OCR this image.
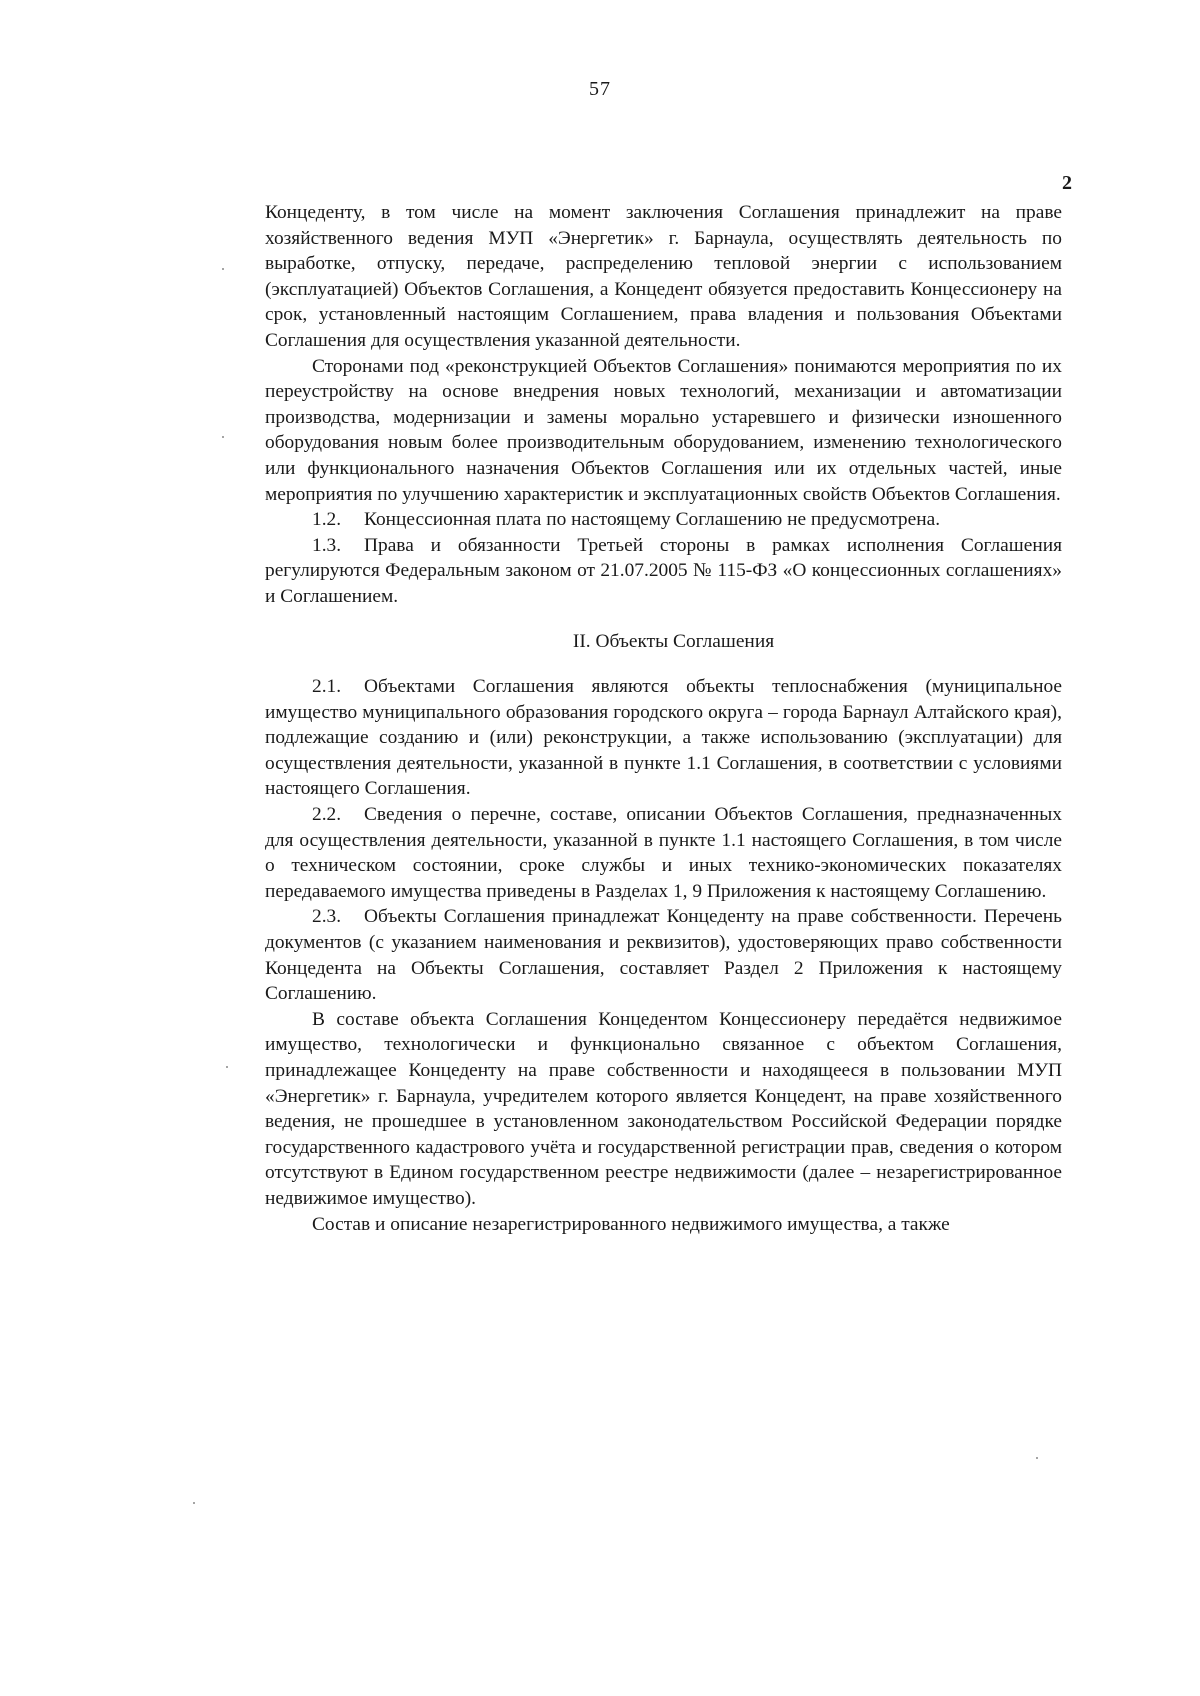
57
2

Концеденту, в том числе на момент заключения Соглашения принадлежит на праве хозяйственного ведения МУП «Энергетик» г. Барнаула, осуществлять деятельность по выработке, отпуску, передаче, распределению тепловой энергии с использованием (эксплуатацией) Объектов Соглашения, а Концедент обязуется предоставить Концессионеру на срок, установленный настоящим Соглашением, права владения и пользования Объектами Соглашения для осуществления указанной деятельности.

Сторонами под «реконструкцией Объектов Соглашения» понимаются мероприятия по их переустройству на основе внедрения новых технологий, механизации и автоматизации производства, модернизации и замены морально устаревшего и физически изношенного оборудования новым более производительным оборудованием, изменению технологического или функционального назначения Объектов Соглашения или их отдельных частей, иные мероприятия по улучшению характеристик и эксплуатационных свойств Объектов Соглашения.

1.2. Концессионная плата по настоящему Соглашению не предусмотрена.

1.3. Права и обязанности Третьей стороны в рамках исполнения Соглашения регулируются Федеральным законом от 21.07.2005 № 115-ФЗ «О концессионных соглашениях» и Соглашением.

II. Объекты Соглашения

2.1. Объектами Соглашения являются объекты теплоснабжения (муниципальное имущество муниципального образования городского округа – города Барнаул Алтайского края), подлежащие созданию и (или) реконструкции, а также использованию (эксплуатации) для осуществления деятельности, указанной в пункте 1.1 Соглашения, в соответствии с условиями настоящего Соглашения.

2.2. Сведения о перечне, составе, описании Объектов Соглашения, предназначенных для осуществления деятельности, указанной в пункте 1.1 настоящего Соглашения, в том числе о техническом состоянии, сроке службы и иных технико-экономических показателях передаваемого имущества приведены в Разделах 1, 9 Приложения к настоящему Соглашению.

2.3. Объекты Соглашения принадлежат Концеденту на праве собственности. Перечень документов (с указанием наименования и реквизитов), удостоверяющих право собственности Концедента на Объекты Соглашения, составляет Раздел 2 Приложения к настоящему Соглашению.

В составе объекта Соглашения Концедентом Концессионеру передаётся недвижимое имущество, технологически и функционально связанное с объектом Соглашения, принадлежащее Концеденту на праве собственности и находящееся в пользовании МУП «Энергетик» г. Барнаула, учредителем которого является Концедент, на праве хозяйственного ведения, не прошедшее в установленном законодательством Российской Федерации порядке государственного кадастрового учёта и государственной регистрации прав, сведения о котором отсутствуют в Едином государственном реестре недвижимости (далее – незарегистрированное недвижимое имущество).

Состав и описание незарегистрированного недвижимого имущества, а также
